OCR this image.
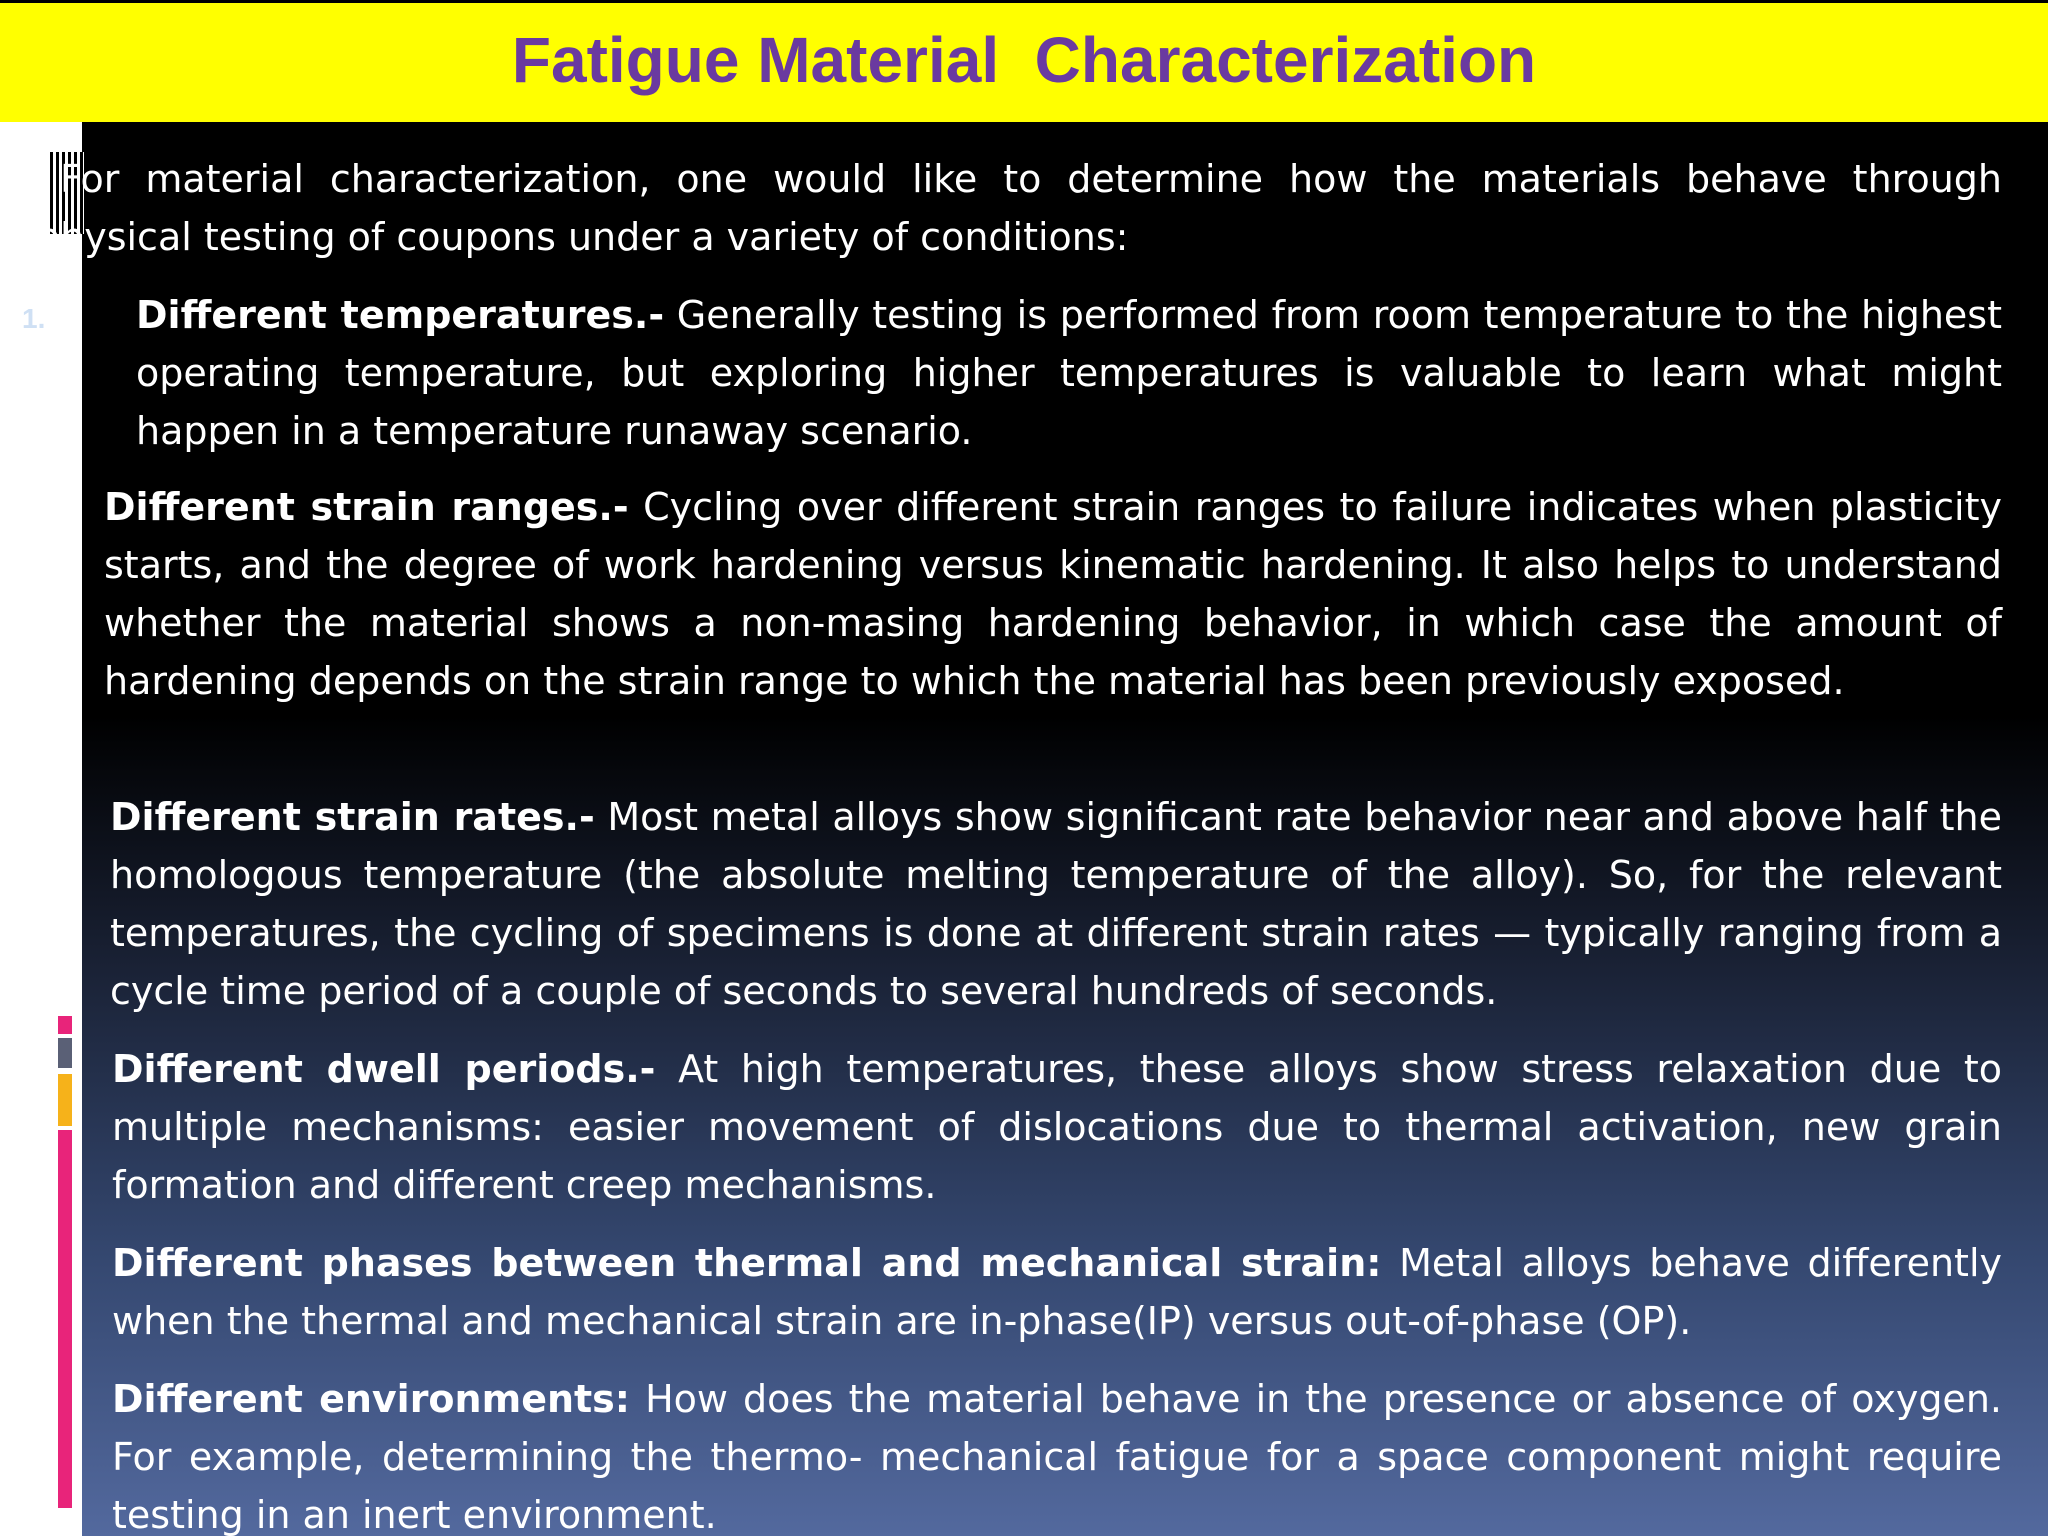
Fatigue Material  Characterization
1.

For material characterization, one would like to determine how the materials behave through physical testing of coupons under a variety of conditions:

Different temperatures.- Generally testing is performed from room temperature to the highest operating temperature, but exploring higher temperatures is valuable to learn what might happen in a temperature runaway scenario.

Different strain ranges.- Cycling over different strain ranges to failure indicates when plasticity starts, and the degree of work hardening versus kinematic hardening. It also helps to understand whether the material shows a non-masing hardening behavior, in which case the amount of hardening depends on the strain range to which the material has been previously exposed.

Different strain rates.- Most metal alloys show significant rate behavior near and above half the homologous temperature (the absolute melting temperature of the alloy). So, for the relevant temperatures, the cycling of specimens is done at different strain rates — typically ranging from a cycle time period of a couple of seconds to several hundreds of seconds.

Different dwell periods.- At high temperatures, these alloys show stress relaxation due to multiple mechanisms: easier movement of dislocations due to thermal activation, new grain formation and different creep mechanisms.

Different phases between thermal and mechanical strain: Metal alloys behave differently when the thermal and mechanical strain are in-phase(IP) versus out-of-phase (OP).

Different environments: How does the material behave in the presence or absence of oxygen. For example, determining the thermo- mechanical fatigue for a space component might require testing in an inert environment.
